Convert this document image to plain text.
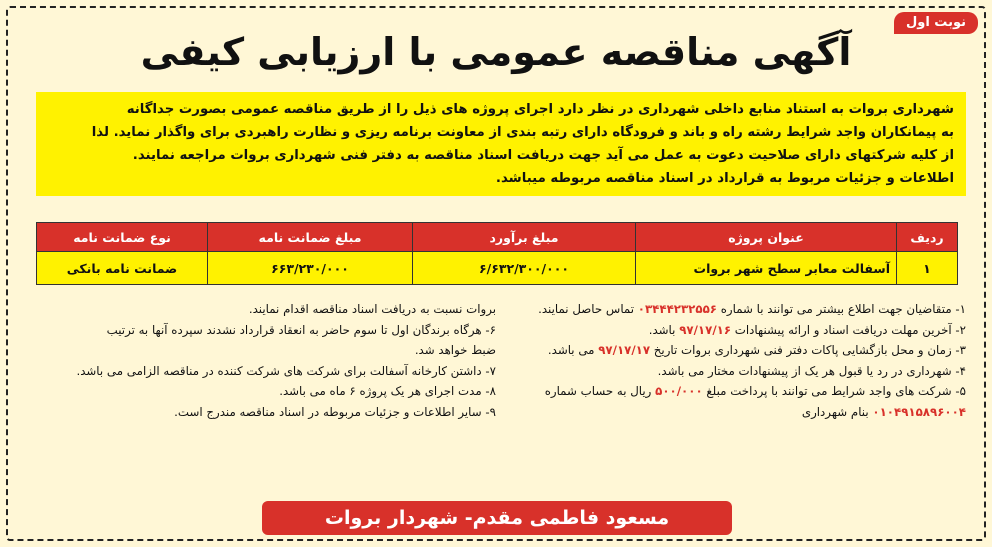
نوبت اول
آگهی مناقصه عمومی با ارزیابی کیفی

شهرداری بروات به استناد منابع داخلی شهرداری در نظر دارد اجرای پروژه های ذیل را از طریق مناقصه عمومی بصورت جداگانه

به پیمانکاران واجد شرایط رشته راه و باند و فرودگاه دارای رتبه بندی از معاونت برنامه ریزی و نظارت راهبردی برای واگذار نماید. لذا

از کلیه شرکتهای دارای صلاحیت دعوت به عمل می آید جهت دریافت اسناد مناقصه به دفتر فنی شهرداری بروات مراجعه نمایند.

اطلاعات و جزئیات مربوط به قرارداد در اسناد مناقصه مربوطه میباشد.

ردیف	عنوان پروژه	مبلغ برآورد	مبلغ ضمانت نامه	نوع ضمانت نامه
۱	آسفالت معابر سطح شهر بروات	۶/۶۳۲/۳۰۰/۰۰۰	۶۶۳/۲۳۰/۰۰۰	ضمانت نامه بانکی
۱- متقاضیان جهت اطلاع بیشتر می توانند با شماره ۰۳۴۴۴۲۳۲۵۵۶ تماس حاصل نمایند.
۲- آخرین مهلت دریافت اسناد و ارائه پیشنهادات ۹۷/۱۷/۱۶ باشد.
۳- زمان و محل بازگشایی پاکات دفتر فنی شهرداری بروات تاریخ ۹۷/۱۷/۱۷ می باشد.
۴- شهرداری در رد یا قبول هر یک از پیشنهادات مختار می باشد.
۵- شرکت های واجد شرایط می توانند با پرداخت مبلغ ۵۰۰/۰۰۰ ریال به حساب شماره
۰۱۰۴۹۱۵۸۹۶۰۰۴ بنام شهرداری
بروات نسبت به دریافت اسناد مناقصه اقدام نمایند.
۶- هرگاه برندگان اول تا سوم حاضر به انعقاد قرارداد نشدند سپرده آنها به ترتیب
ضبط خواهد شد.
۷- داشتن کارخانه آسفالت برای شرکت های شرکت کننده در مناقصه الزامی می باشد.
۸- مدت اجرای هر یک پروژه ۶ ماه می باشد.
۹- سایر اطلاعات و جزئیات مربوطه در اسناد مناقصه مندرج است.
مسعود فاطمی مقدم- شهردار بروات
